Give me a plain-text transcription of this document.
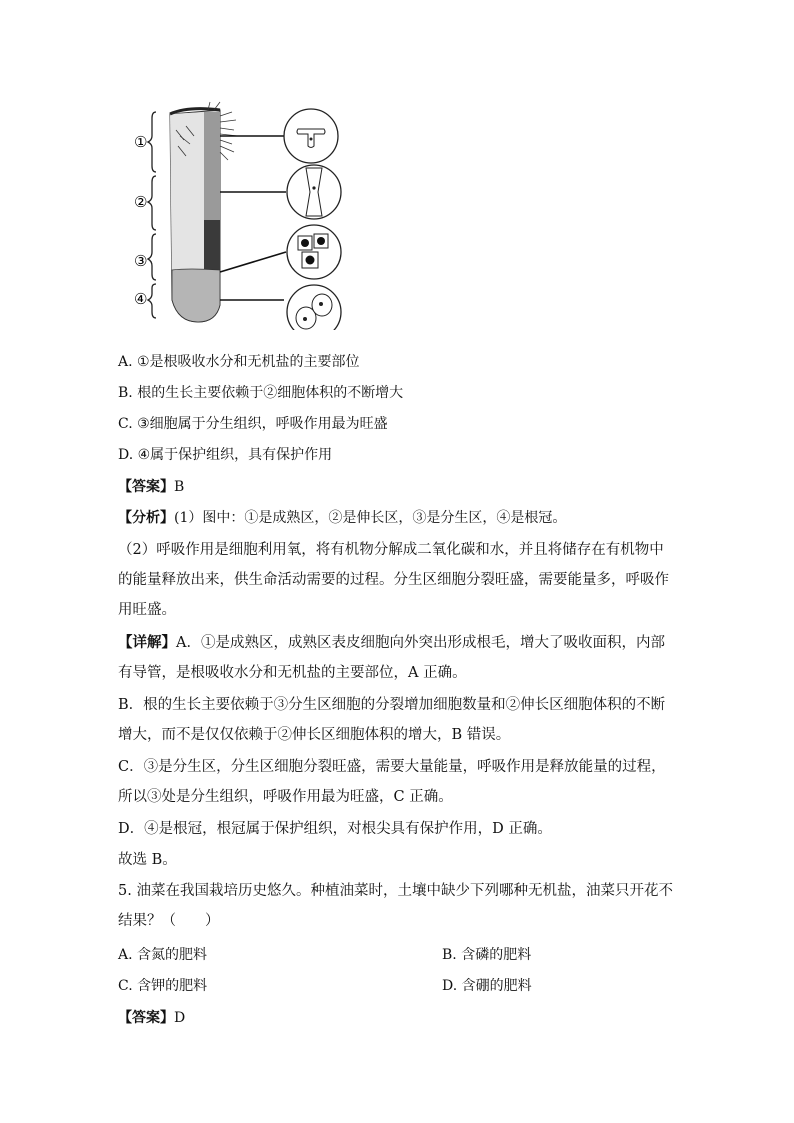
①
②
③
④
A. ①是根吸收水分和无机盐的主要部位
B. 根的生长主要依赖于②细胞体积的不断增大
C. ③细胞属于分生组织，呼吸作用最为旺盛
D. ④属于保护组织，具有保护作用
【答案】B
【分析】(1）图中：①是成熟区，②是伸长区，③是分生区，④是根冠。
（2）呼吸作用是细胞利用氧，将有机物分解成二氧化碳和水，并且将储存在有机物中的能量释放出来，供生命活动需要的过程。分生区细胞分裂旺盛，需要能量多，呼吸作用旺盛。
【详解】A．①是成熟区，成熟区表皮细胞向外突出形成根毛，增大了吸收面积，内部有导管，是根吸收水分和无机盐的主要部位，A 正确。
B．根的生长主要依赖于③分生区细胞的分裂增加细胞数量和②伸长区细胞体积的不断增大，而不是仅仅依赖于②伸长区细胞体积的增大，B 错误。
C．③是分生区，分生区细胞分裂旺盛，需要大量能量，呼吸作用是释放能量的过程，所以③处是分生组织，呼吸作用最为旺盛，C 正确。
D．④是根冠，根冠属于保护组织，对根尖具有保护作用，D 正确。
故选 B。
5. 油菜在我国栽培历史悠久。种植油菜时，土壤中缺少下列哪种无机盐，油菜只开花不结果？（　　）
A. 含氮的肥料	B. 含磷的肥料
C. 含钾的肥料	D. 含硼的肥料
【答案】D
